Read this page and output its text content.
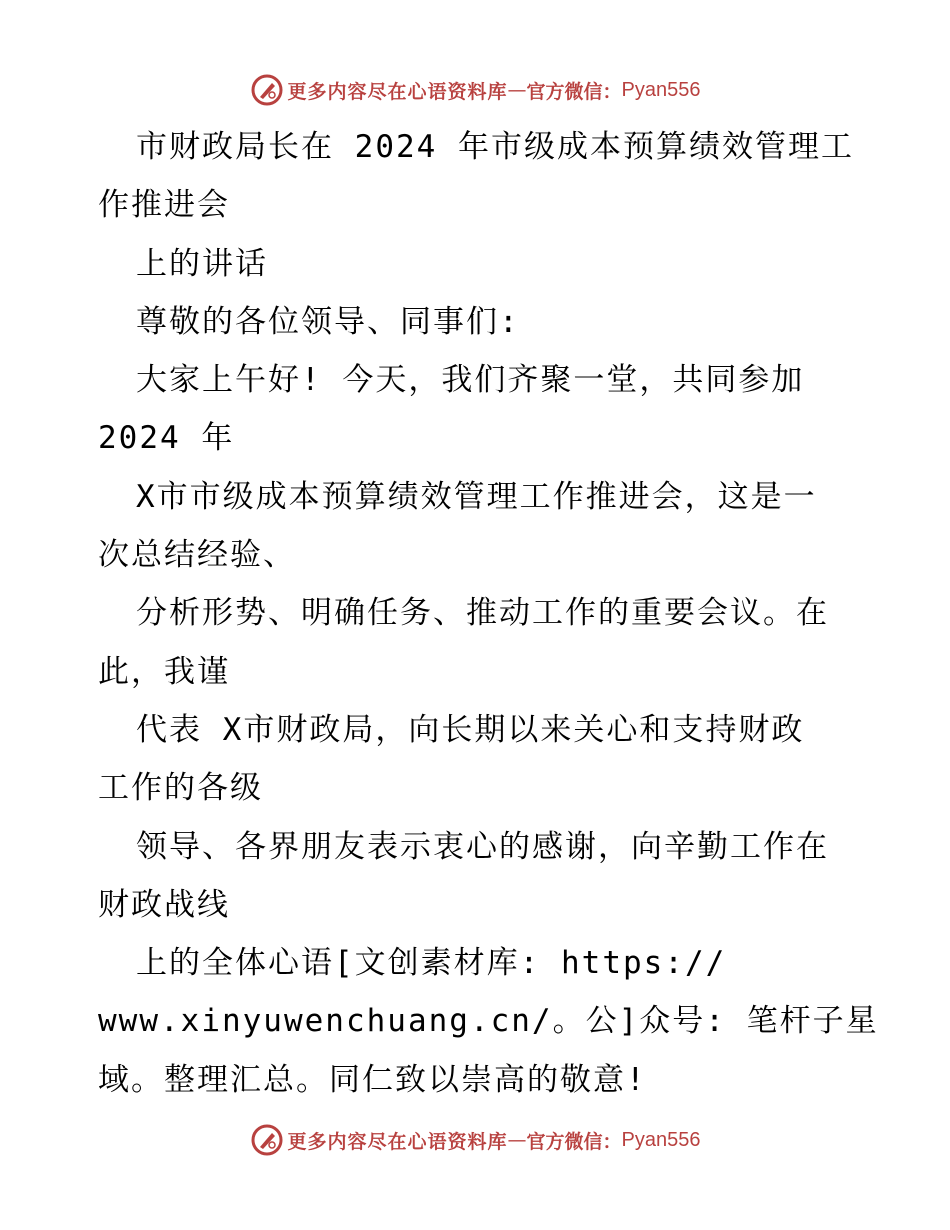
更多内容尽在心语资料库 — 官方微信： Pyan556
市财政局长在 2024 年市级成本预算绩效管理工
作推进会
上的讲话
尊敬的各位领导、同事们:
大家上午好! 今天，我们齐聚一堂，共同参加
2024 年
X市市级成本预算绩效管理工作推进会，这是一
次总结经验、
分析形势、明确任务、推动工作的重要会议。在
此，我谨
代表 X市财政局，向长期以来关心和支持财政
工作的各级
领导、各界朋友表示衷心的感谢，向辛勤工作在
财政战线
上的全体心语[文创素材库: https://
www.xinyuwenchuang.cn/。公]众号: 笔杆子星
域。整理汇总。同仁致以崇高的敬意!
更多内容尽在心语资料库 — 官方微信： Pyan556
